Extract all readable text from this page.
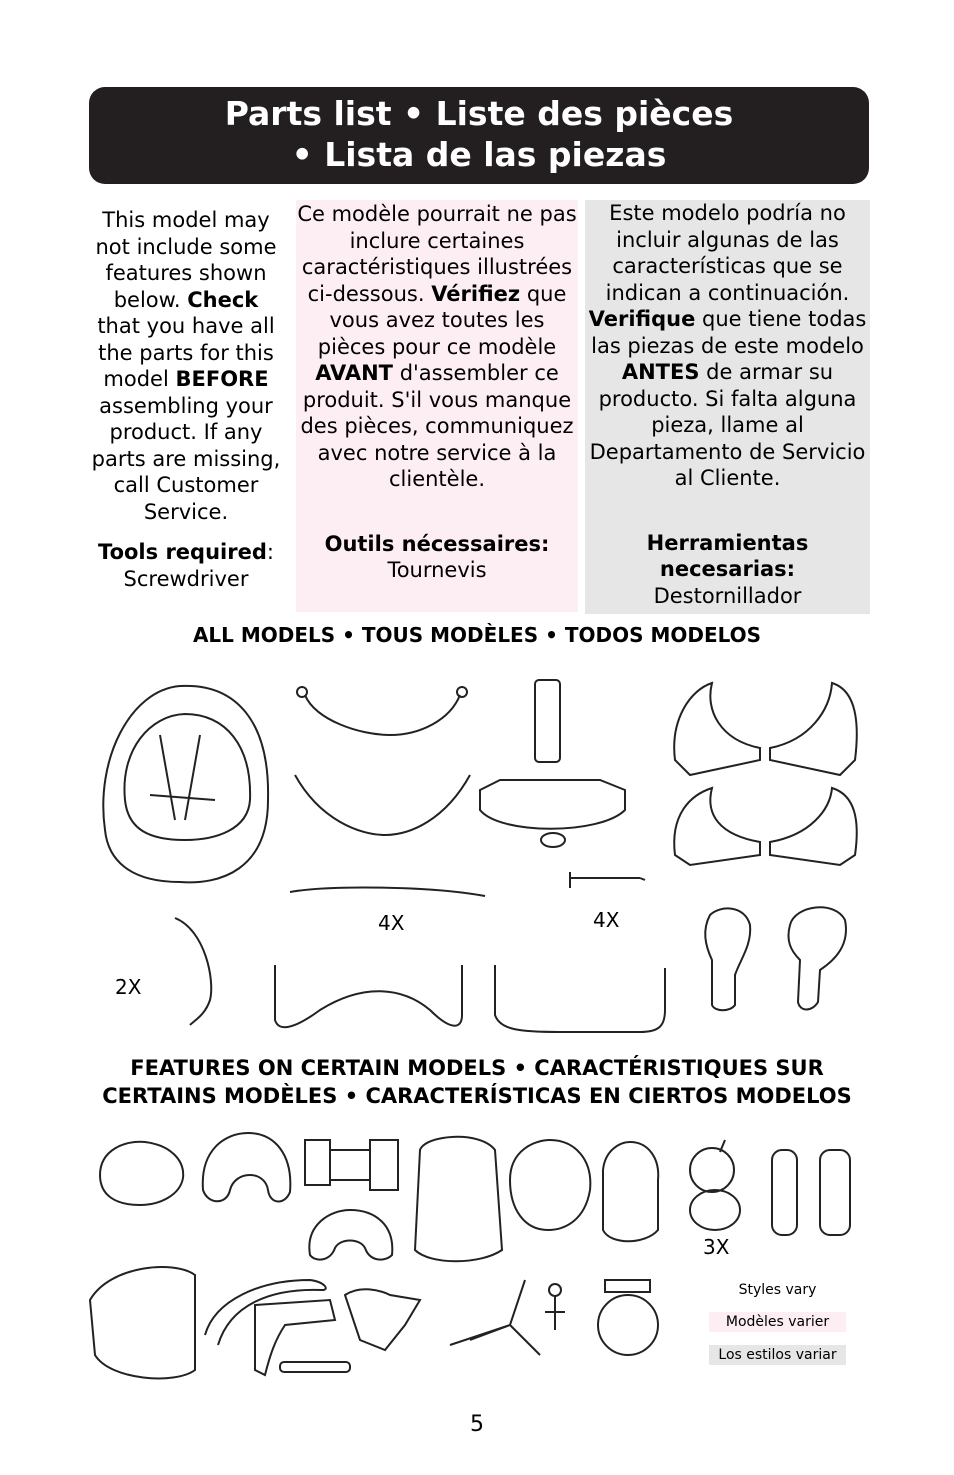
Parts list • Liste des pièces
• Lista de las piezas
This model may not include some features shown below. Check that you have all the parts for this model BEFORE assembling your product. If any parts are missing, call Customer Service.
Tools required:
Screwdriver
Ce modèle pourrait ne pas inclure certaines caractéristiques illustrées ci-dessous. Vérifiez que vous avez toutes les pièces pour ce modèle AVANT d'assembler ce produit. S'il vous manque des pièces, communiquez avec notre service à la clientèle.
Outils nécessaires:
Tournevis
Este modelo podría no incluir algunas de las características que se indican a continuación. Verifique que tiene todas las piezas de este modelo ANTES de armar su producto. Si falta alguna pieza, llame al Departamento de Servicio al Cliente.
Herramientas necesarias:
Destornillador
ALL MODELS • TOUS MODÈLES • TODOS MODELOS
4X	4X
2X
3X
FEATURES ON CERTAIN MODELS • CARACTÉRISTIQUES SUR
CERTAINS MODÈLES • CARACTERÍSTICAS EN CIERTOS MODELOS
Styles vary
Modèles varier
Los estilos variar
5
